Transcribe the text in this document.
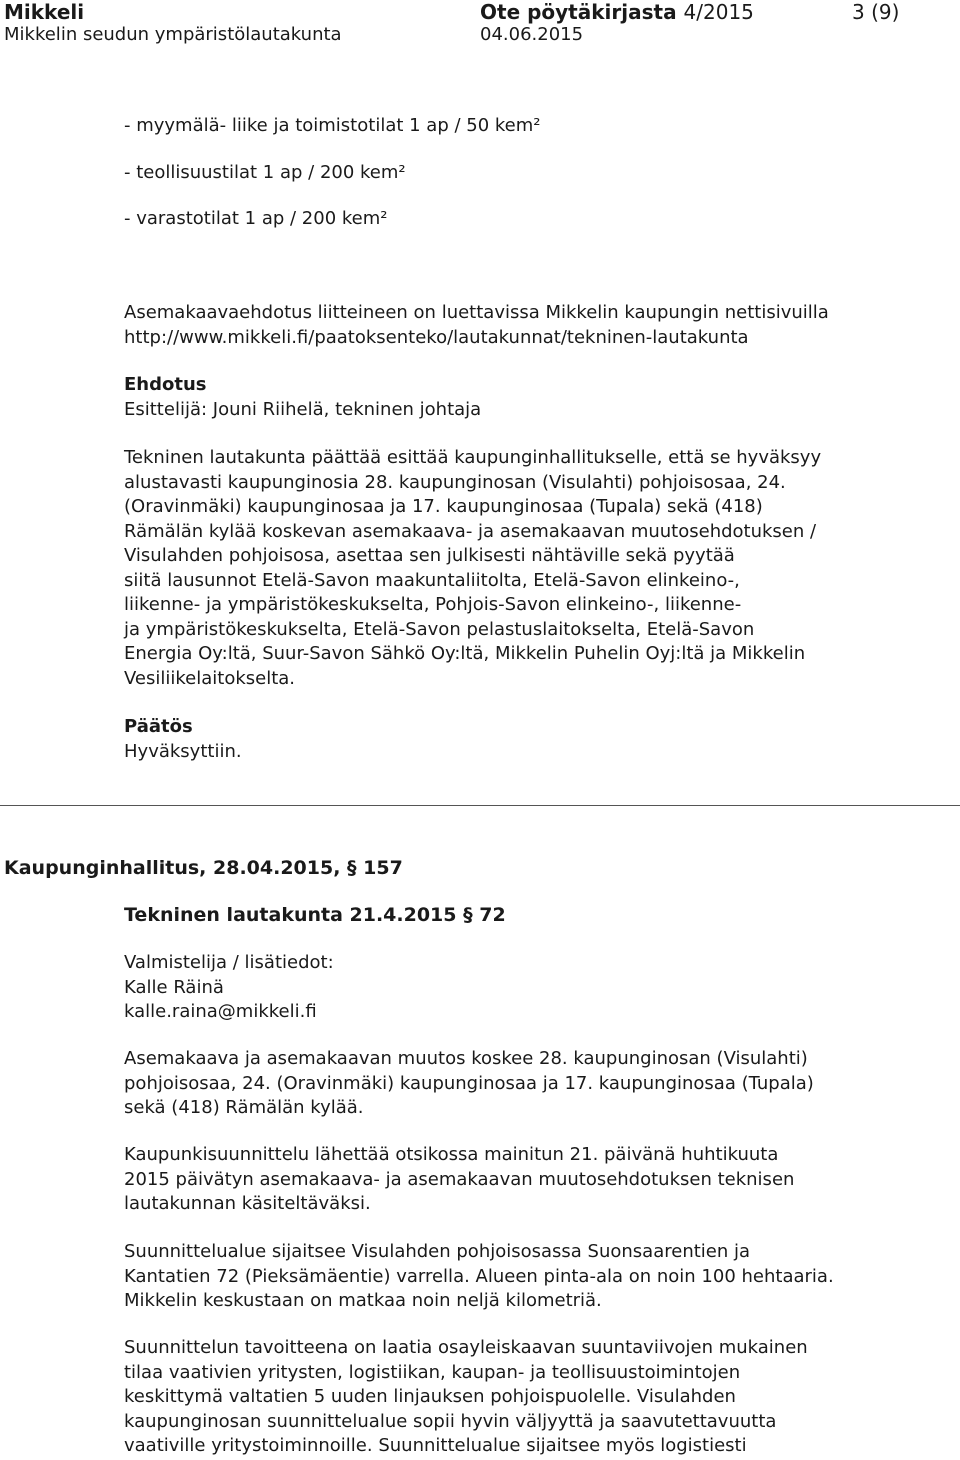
Mikkeli
Mikkelin seudun ympäristölautakunta
Ote pöytäkirjasta 4/2015
04.06.2015
3 (9)

- myymälä- liike ja toimistotilat 1 ap / 50 kem²

- teollisuustilat 1 ap / 200 kem²

- varastotilat 1 ap / 200 kem²

Asemakaavaehdotus liitteineen on luettavissa Mikkelin kaupungin nettisivuilla

http://www.mikkeli.fi/paatoksenteko/lautakunnat/tekninen-lautakunta

Ehdotus

Esittelijä: Jouni Riihelä, tekninen johtaja

Tekninen lautakunta päättää esittää kaupunginhallitukselle, että se hyväksyy

alustavasti kaupunginosia 28. kaupunginosan (Visulahti) pohjoisosaa, 24.

(Oravinmäki) kaupunginosaa ja 17. kaupunginosaa (Tupala) sekä (418)

Rämälän kylää koskevan asemakaava- ja asemakaavan muutosehdotuksen /

Visulahden pohjoisosa, asettaa sen julkisesti nähtäville sekä pyytää

siitä lausunnot Etelä-Savon maakuntaliitolta, Etelä-Savon elinkeino-,

liikenne- ja ympäristökeskukselta, Pohjois-Savon elinkeino-, liikenne-

ja ympäristökeskukselta, Etelä-Savon pelastuslaitokselta, Etelä-Savon

Energia Oy:ltä, Suur-Savon Sähkö Oy:ltä, Mikkelin Puhelin Oyj:ltä ja Mikkelin

Vesiliikelaitokselta.

Päätös

Hyväksyttiin.

Kaupunginhallitus, 28.04.2015, § 157
Tekninen lautakunta 21.4.2015 § 72

Valmistelija / lisätiedot:

Kalle Räinä

kalle.raina@mikkeli.fi

Asemakaava ja asemakaavan muutos koskee 28. kaupunginosan (Visulahti)

pohjoisosaa, 24. (Oravinmäki) kaupunginosaa ja 17. kaupunginosaa (Tupala)

sekä (418) Rämälän kylää.

Kaupunkisuunnittelu lähettää otsikossa mainitun 21. päivänä huhtikuuta

2015 päivätyn asemakaava- ja asemakaavan muutosehdotuksen teknisen

lautakunnan käsiteltäväksi.

Suunnittelualue sijaitsee Visulahden pohjoisosassa Suonsaarentien ja

Kantatien 72 (Pieksämäentie) varrella. Alueen pinta-ala on noin 100 hehtaaria.

Mikkelin keskustaan on matkaa noin neljä kilometriä.

Suunnittelun tavoitteena on laatia osayleiskaavan suuntaviivojen mukainen

tilaa vaativien yritysten, logistiikan, kaupan- ja teollisuustoimintojen

keskittymä valtatien 5 uuden linjauksen pohjoispuolelle. Visulahden

kaupunginosan suunnittelualue sopii hyvin väljyyttä ja saavutettavuutta

vaativille yritystoiminnoille. Suunnittelualue sijaitsee myös logistiesti
